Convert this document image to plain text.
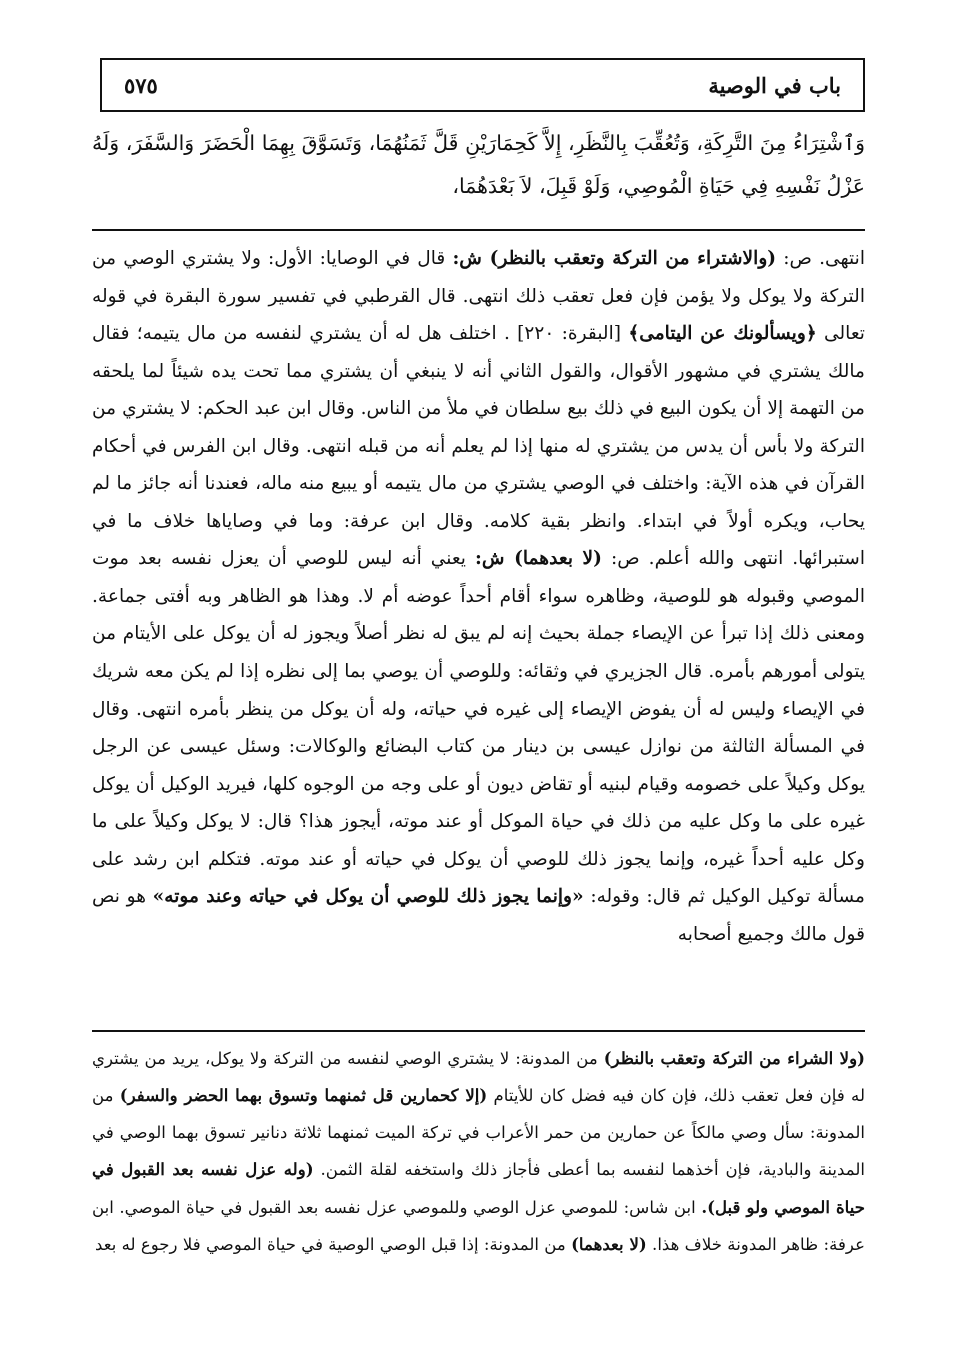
باب في الوصية
٥٧٥

وَٱشْتِرَاءُ مِنَ التَّرِكَةِ، وَتُعُقِّبَ بِالنَّظَرِ، إِلاَّ كَحِمَارَيْنِ قَلَّ ثَمَنُهُمَا، وَتَسَوَّقَ بِهِمَا الْحَضَرَ وَالسَّفَرَ، وَلَهُ عَزْلُ نَفْسِهِ فِي حَيَاةِ الْمُوصِي، وَلَوْ قَبِلَ، لاَ بَعْدَهُمَا،

انتهى. ص: (والاشتراء من التركة وتعقب بالنظر) ش: قال في الوصايا: الأول: ولا يشتري الوصي من التركة ولا يوكل ولا يؤمن فإن فعل تعقب ذلك انتهى. قال القرطبي في تفسير سورة البقرة في قوله تعالى ﴿ويسألونك عن اليتامى﴾ [البقرة: ٢٢٠] . اختلف هل له أن يشتري لنفسه من مال يتيمه؛ فقال مالك يشتري في مشهور الأقوال، والقول الثاني أنه لا ينبغي أن يشتري مما تحت يده شيئاً لما يلحقه من التهمة إلا أن يكون البيع في ذلك بيع سلطان في ملأ من الناس. وقال ابن عبد الحكم: لا يشتري من التركة ولا بأس أن يدس من يشتري له منها إذا لم يعلم أنه من قبله انتهى. وقال ابن الفرس في أحكام القرآن في هذه الآية: واختلف في الوصي يشتري من مال يتيمه أو يبيع منه ماله، فعندنا أنه جائز ما لم يحاب، ويكره أولاً في ابتداء. وانظر بقية كلامه. وقال ابن عرفة: وما في وصاياها خلاف ما في استبرائها. انتهى والله أعلم. ص: (لا بعدهما) ش: يعني أنه ليس للوصي أن يعزل نفسه بعد موت الموصي وقبوله هو للوصية، وظاهره سواء أقام أحداً عوضه أم لا. وهذا هو الظاهر وبه أفتى جماعة. ومعنى ذلك إذا تبرأ عن الإيصاء جملة بحيث إنه لم يبق له نظر أصلاً ويجوز له أن يوكل على الأيتام من يتولى أمورهم بأمره. قال الجزيري في وثقائه: وللوصي أن يوصي بما إلى نظره إذا لم يكن معه شريك في الإيصاء وليس له أن يفوض الإيصاء إلى غيره في حياته، وله أن يوكل من ينظر بأمره انتهى. وقال في المسألة الثالثة من نوازل عيسى بن دينار من كتاب البضائع والوكالات: وسئل عيسى عن الرجل يوكل وكيلاً على خصومه وقيام لبنيه أو تقاض ديون أو على وجه من الوجوه كلها، فيريد الوكيل أن يوكل غيره على ما وكل عليه من ذلك في حياة الموكل أو عند موته، أيجوز هذا؟ قال: لا يوكل وكيلاً على ما وكل عليه أحداً غيره، وإنما يجوز ذلك للوصي أن يوكل في حياته أو عند موته. فتكلم ابن رشد على مسألة توكيل الوكيل ثم قال: وقوله: «وإنما يجوز ذلك للوصي أن يوكل في حياته وعند موته» هو نص قول مالك وجميع أصحابه

(ولا الشراء من التركة وتعقب بالنظر) من المدونة: لا يشتري الوصي لنفسه من التركة ولا يوكل، يريد من يشتري له فإن فعل تعقب ذلك، فإن كان فيه فضل كان للأيتام (إلا كحمارين قل ثمنهما وتسوق بهما الحضر والسفر) من المدونة: سأل وصي مالكاً عن حمارين من حمر الأعراب في تركة الميت ثمنهما ثلاثة دنانير تسوق بهما الوصي في المدينة والبادية، فإن أخذهما لنفسه بما أعطى فأجاز ذلك واستخفه لقلة الثمن. (وله عزل نفسه بعد القبول في حياة الموصي ولو قبل). ابن شاس: للموصي عزل الوصي وللموصي عزل نفسه بعد القبول في حياة الموصي. ابن عرفة: ظاهر المدونة خلاف هذا. (لا بعدهما) من المدونة: إذا قبل الوصي الوصية في حياة الموصي فلا رجوع له بعد
